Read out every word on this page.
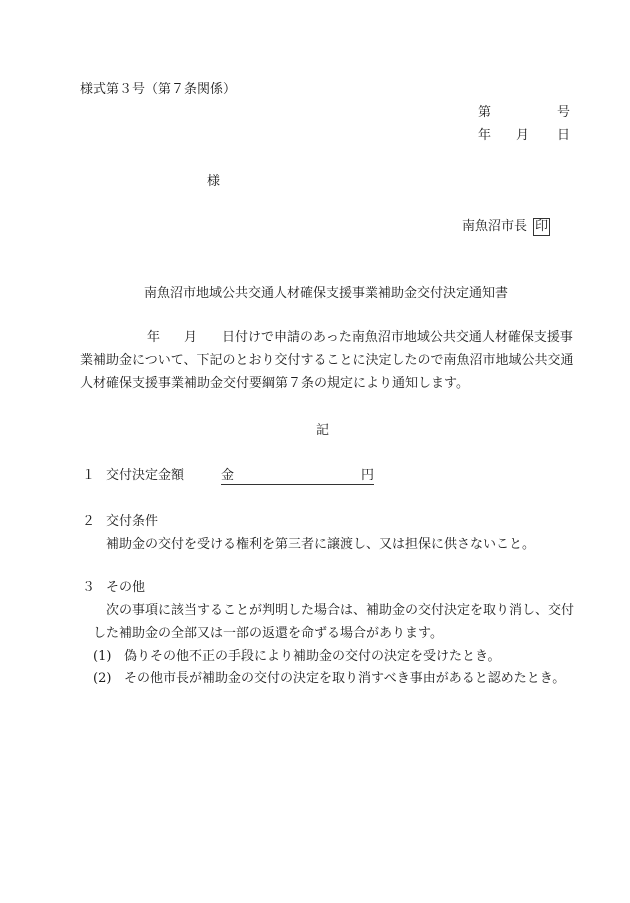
様式第３号（第７条関係）
第	号
年 月 日
様
南魚沼市長 印
南魚沼市地域公共交通人材確保支援事業補助金交付決定通知書
年 月 日付けで申請のあった南魚沼市地域公共交通人材確保支援事
業補助金について、下記のとおり交付することに決定したので南魚沼市地域公共交通
人材確保支援事業補助金交付要綱第７条の規定により通知します。
記
１ 交付決定金額	金	円
２ 交付条件
補助金の交付を受ける権利を第三者に譲渡し、又は担保に供さないこと。
３ その他
次の事項に該当することが判明した場合は、補助金の交付決定を取り消し、交付
した補助金の全部又は一部の返還を命ずる場合があります。
(1) 偽りその他不正の手段により補助金の交付の決定を受けたとき。
(2) その他市長が補助金の交付の決定を取り消すべき事由があると認めたとき。
